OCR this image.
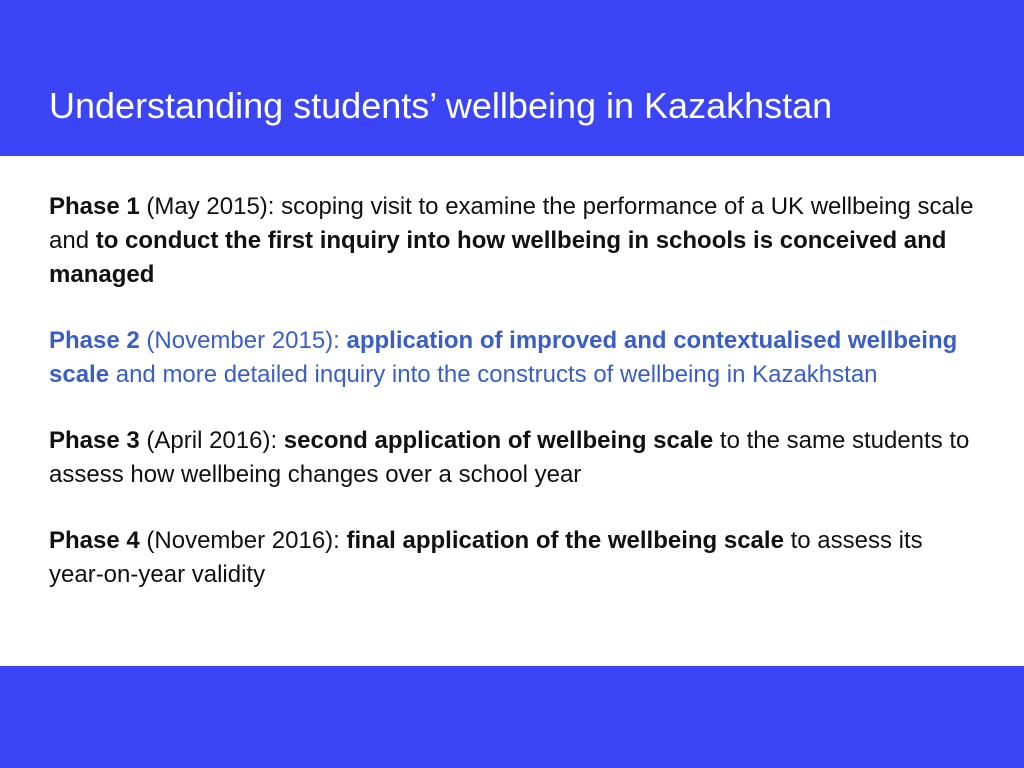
Understanding students’ wellbeing in Kazakhstan

Phase 1 (May 2015): scoping visit to examine the performance of a UK wellbeing scale and to conduct the first inquiry into how wellbeing in schools is conceived and managed

Phase 2 (November 2015): application of improved and contextualised wellbeing scale and more detailed inquiry into the constructs of wellbeing in Kazakhstan

Phase 3 (April 2016): second application of wellbeing scale to the same students to assess how wellbeing changes over a school year

Phase 4 (November 2016): final application of the wellbeing scale to assess its year-on-year validity
